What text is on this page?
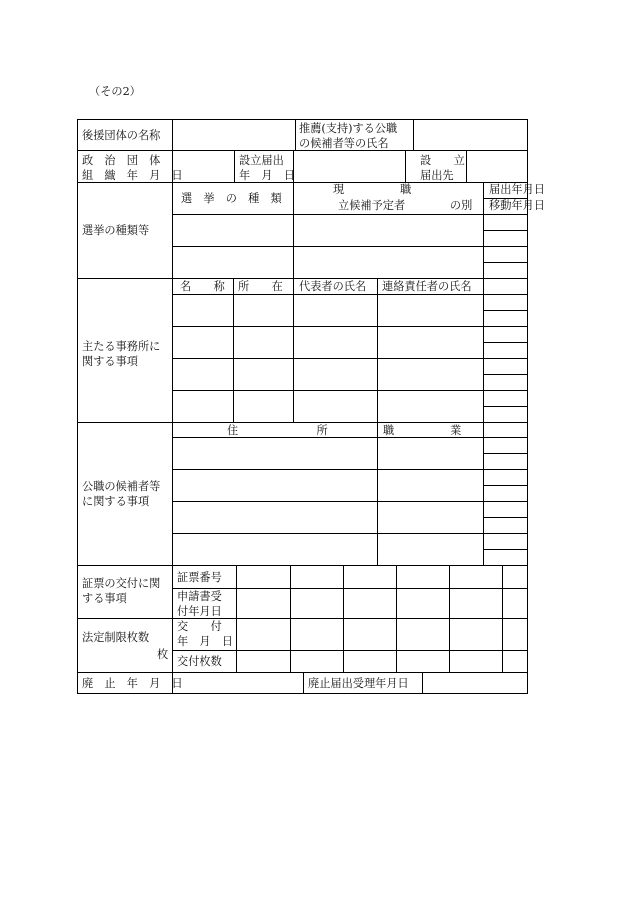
（その2）
後援団体の名称
推薦(支持)する公職
の候補者等の氏名
政　治　団　体
組　織　年　月　日
設立届出
年　月　日
設　　立
届出先
選挙の種類等
選　挙　の　種　類
現　　　　　職
立候補予定者　　　　の別
届出年月日
移動年月日
主たる事務所に
関する事項
名　　称 所　　在 代表者の氏名 連絡責任者の氏名
公職の候補者等
に関する事項
住　　　　　　　所	職　　　　　業
証票の交付に関
する事項
証票番号
申請書受
付年月日
法定制限枚数
枚
交　　付
年　月　日
交付枚数
廃　止　年　月　日	廃止届出受理年月日
